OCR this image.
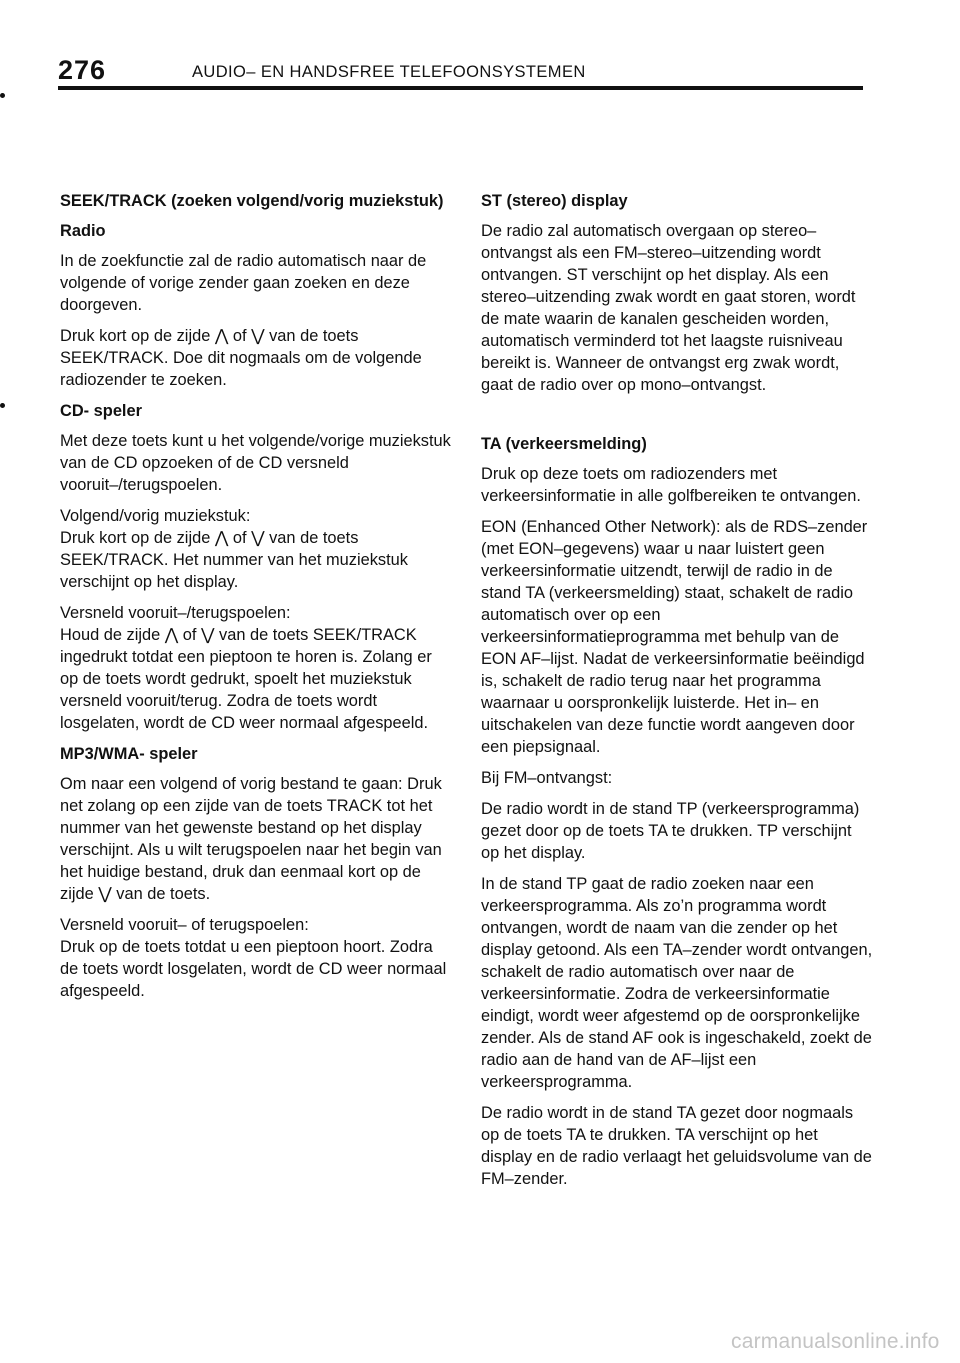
276	AUDIO– EN HANDSFREE TELEFOONSYSTEMEN
SEEK/TRACK (zoeken volgend/vorig muziekstuk)
Radio
In de zoekfunctie zal de radio automatisch naar de volgende of vorige zender gaan zoeken en deze doorgeven.
Druk kort op de zijde ⋀ of ⋁ van de toets SEEK/TRACK. Doe dit nogmaals om de volgende radiozender te zoeken.
CD- speler
Met deze toets kunt u het volgende/vorige muziekstuk van de CD opzoeken of de CD versneld vooruit–/terugspoelen.
Volgend/vorig muziekstuk:
Druk kort op de zijde ⋀ of ⋁ van de toets SEEK/TRACK. Het nummer van het muziekstuk verschijnt op het display.
Versneld vooruit–/terugspoelen:
Houd de zijde ⋀ of ⋁ van de toets SEEK/TRACK ingedrukt totdat een pieptoon te horen is. Zolang er op de toets wordt gedrukt, spoelt het muziekstuk versneld vooruit/terug. Zodra de toets wordt losgelaten, wordt de CD weer normaal afgespeeld.
MP3/WMA- speler
Om naar een volgend of vorig bestand te gaan: Druk net zolang op een zijde van de toets TRACK tot het nummer van het gewenste bestand op het display verschijnt. Als u wilt terugspoelen naar het begin van het huidige bestand, druk dan eenmaal kort op de zijde ⋁ van de toets.
Versneld vooruit– of terugspoelen:
Druk op de toets totdat u een pieptoon hoort. Zodra de toets wordt losgelaten, wordt de CD weer normaal afgespeeld.
ST (stereo) display
De radio zal automatisch overgaan op stereo–ontvangst als een FM–stereo–uitzending wordt ontvangen. ST verschijnt op het display. Als een stereo–uitzending zwak wordt en gaat storen, wordt de mate waarin de kanalen gescheiden worden, automatisch verminderd tot het laagste ruisniveau bereikt is. Wanneer de ontvangst erg zwak wordt, gaat de radio over op mono–ontvangst.
TA (verkeersmelding)
Druk op deze toets om radiozenders met verkeersinformatie in alle golfbereiken te ontvangen.
EON (Enhanced Other Network): als de RDS–zender (met EON–gegevens) waar u naar luistert geen verkeersinformatie uitzendt, terwijl de radio in de stand TA (verkeersmelding) staat, schakelt de radio automatisch over op een verkeersinformatieprogramma met behulp van de EON AF–lijst. Nadat de verkeersinformatie beëindigd is, schakelt de radio terug naar het programma waarnaar u oorspronkelijk luisterde. Het in– en uitschakelen van deze functie wordt aangeven door een piepsignaal.
Bij FM–ontvangst:
De radio wordt in de stand TP (verkeersprogramma) gezet door op de toets TA te drukken. TP verschijnt op het display.
In de stand TP gaat de radio zoeken naar een verkeersprogramma. Als zo’n programma wordt ontvangen, wordt de naam van die zender op het display getoond. Als een TA–zender wordt ontvangen, schakelt de radio automatisch over naar de verkeersinformatie. Zodra de verkeersinformatie eindigt, wordt weer afgestemd op de oorspronkelijke zender. Als de stand AF ook is ingeschakeld, zoekt de radio aan de hand van de AF–lijst een verkeersprogramma.
De radio wordt in de stand TA gezet door nogmaals op de toets TA te drukken. TA verschijnt op het display en de radio verlaagt het geluidsvolume van de FM–zender.
carmanualsonline.info
